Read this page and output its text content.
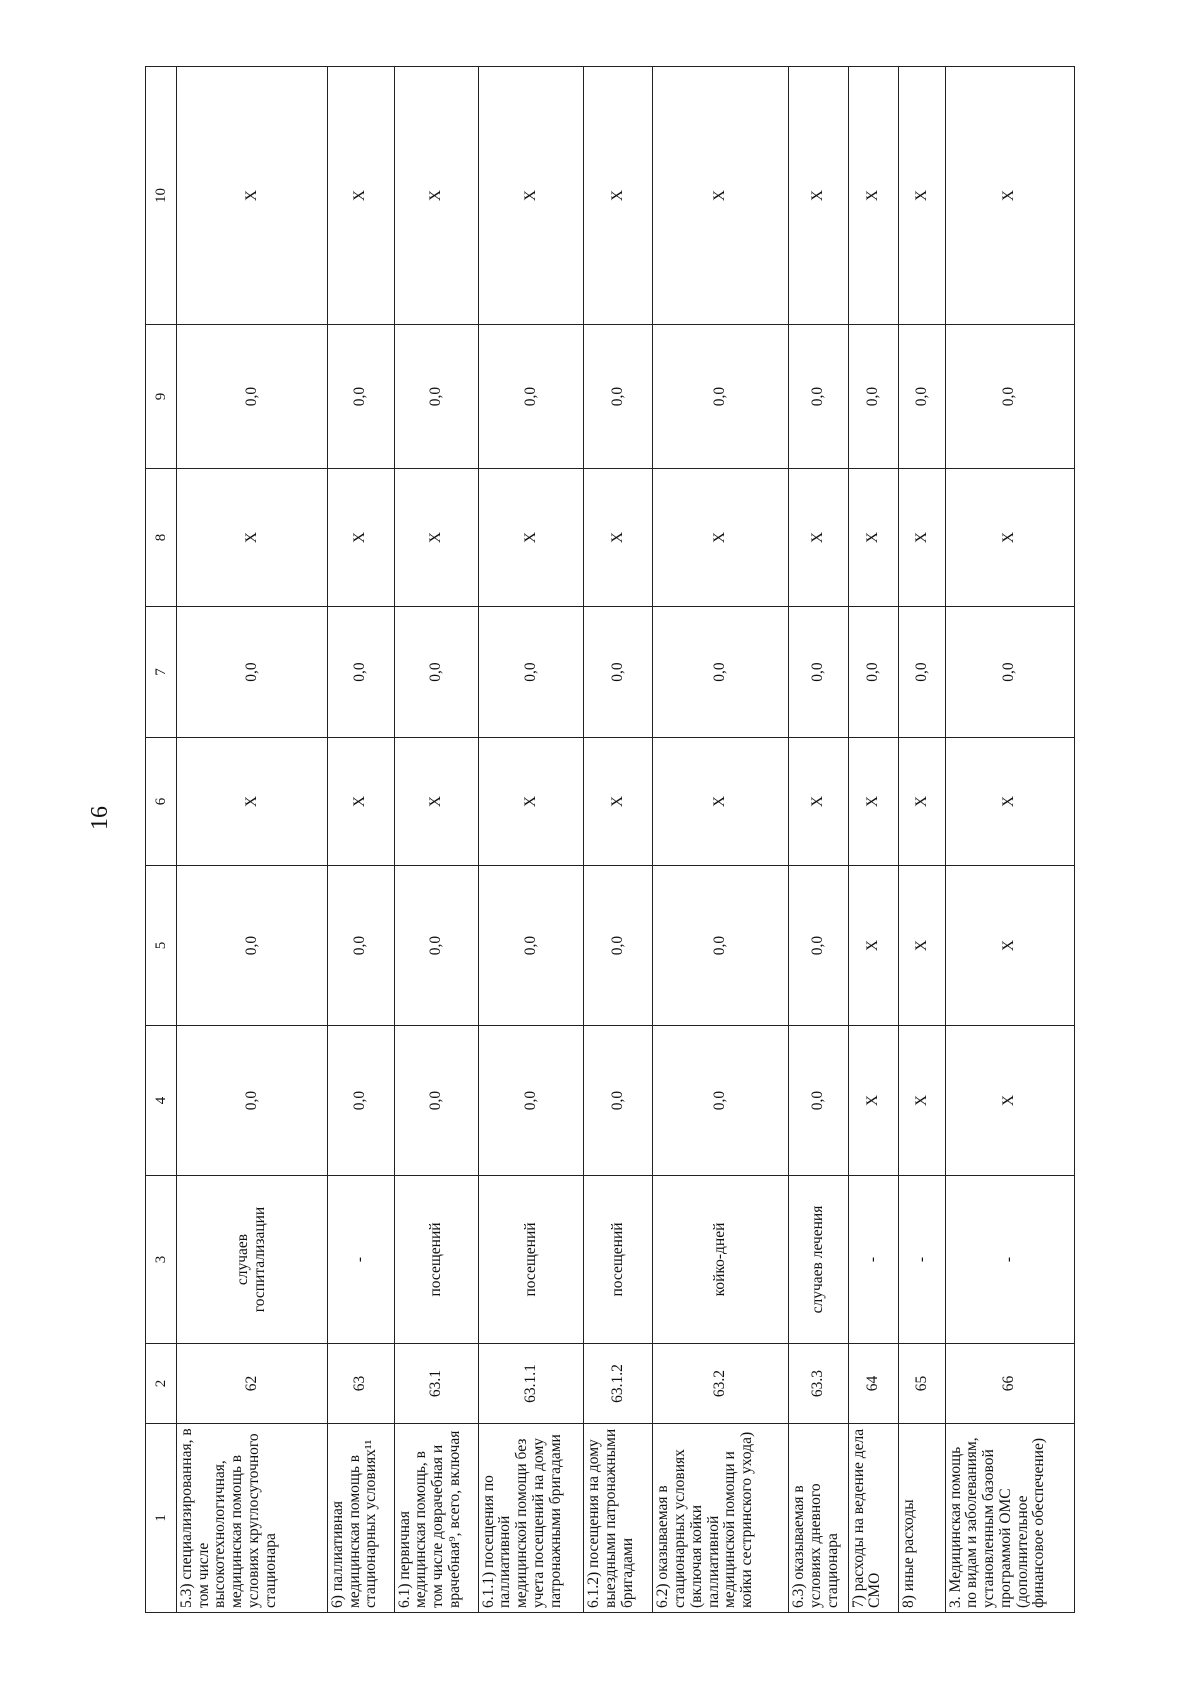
16
1	2	3	4	5	6	7	8	9	10
5.3) специализированная, в том числе высокотехнологичная, медицинская помощь в условиях круглосуточного стационара	62	случаев госпитализации	0,0	0,0	X	0,0	X	0,0	X
6) паллиативная медицинская помощь в стационарных условиях¹¹	63	-	0,0	0,0	X	0,0	X	0,0	X
6.1) первичная медицинская помощь, в том числе доврачебная и врачебная⁹, всего, включая	63.1	посещений	0,0	0,0	X	0,0	X	0,0	X
6.1.1) посещения по паллиативной медицинской помощи без учета посещений на дому патронажными бригадами	63.1.1	посещений	0,0	0,0	X	0,0	X	0,0	X
6.1.2) посещения на дому выездными патронажными бригадами	63.1.2	посещений	0,0	0,0	X	0,0	X	0,0	X
6.2) оказываемая в стационарных условиях (включая койки паллиативной медицинской помощи и койки сестринского ухода)	63.2	койко-дней	0,0	0,0	X	0,0	X	0,0	X
6.3) оказываемая в условиях дневного стационара	63.3	случаев лечения	0,0	0,0	X	0,0	X	0,0	X
7) расходы на ведение дела СМО	64	-	X	X	X	0,0	X	0,0	X
8) иные расходы	65	-	X	X	X	0,0	X	0,0	X
3. Медицинская помощь по видам и заболеваниям, установленным базовой программой ОМС (дополнительное финансовое обеспечение)	66	-	X	X	X	0,0	X	0,0	X
